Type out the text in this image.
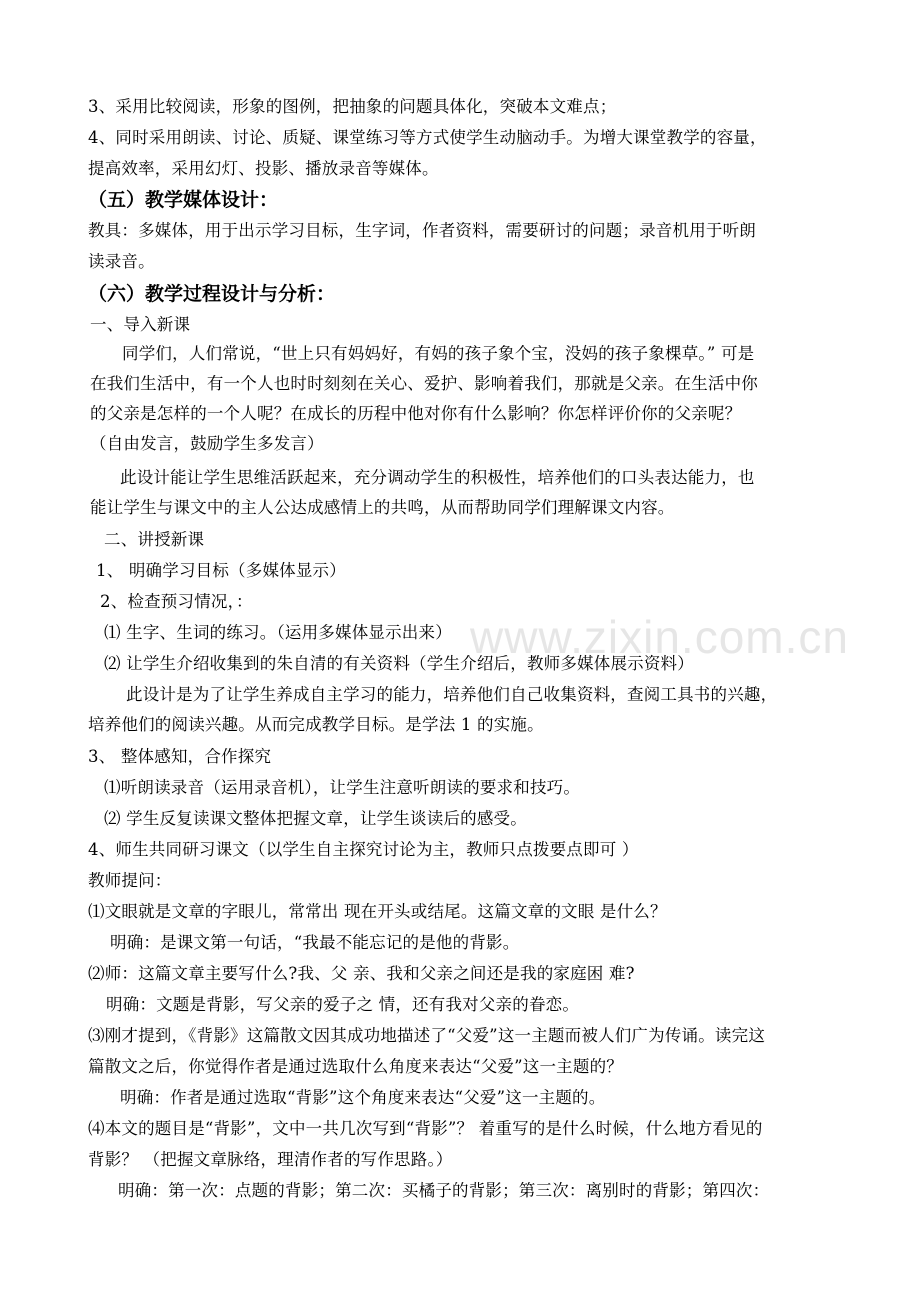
www.zixin.com.cn
3、采用比较阅读，形象的图例，把抽象的问题具体化，突破本文难点；
4、同时采用朗读、讨论、质疑、课堂练习等方式使学生动脑动手。为增大课堂教学的容量，
提高效率，采用幻灯、投影、播放录音等媒体。
（五）教学媒体设计：
教具：多媒体，用于出示学习目标，生字词，作者资料，需要研讨的问题；录音机用于听朗
读录音。
（六）教学过程设计与分析：
一、导入新课
同学们，人们常说，“世上只有妈妈好，有妈的孩子象个宝，没妈的孩子象棵草。” 可是
在我们生活中，有一个人也时时刻刻在关心、爱护、影响着我们，那就是父亲。在生活中你
的父亲是怎样的一个人呢？在成长的历程中他对你有什么影响？你怎样评价你的父亲呢？
（自由发言，鼓励学生多发言）
此设计能让学生思维活跃起来，充分调动学生的积极性，培养他们的口头表达能力，也
能让学生与课文中的主人公达成感情上的共鸣，从而帮助同学们理解课文内容。
二、讲授新课
1、 明确学习目标（多媒体显示）
2、检查预习情况，：
⑴ 生字、生词的练习。（运用多媒体显示出来）
⑵ 让学生介绍收集到的朱自清的有关资料（学生介绍后，教师多媒体展示资料）
此设计是为了让学生养成自主学习的能力，培养他们自己收集资料，查阅工具书的兴趣，
培养他们的阅读兴趣。从而完成教学目标。是学法 1 的实施。
3、 整体感知，合作探究
⑴听朗读录音（运用录音机），让学生注意听朗读的要求和技巧。
⑵ 学生反复读课文整体把握文章，让学生谈读后的感受。
4、师生共同研习课文（以学生自主探究讨论为主，教师只点拨要点即可 ）
教师提问：
⑴文眼就是文章的字眼儿，常常出 现在开头或结尾。这篇文章的文眼 是什么？
明确：是课文第一句话，“我最不能忘记的是他的背影。
⑵师：这篇文章主要写什么?我、父 亲、我和父亲之间还是我的家庭困 难?
明确：文题是背影，写父亲的爱子之 情，还有我对父亲的眷恋。
⑶刚才提到，《背影》这篇散文因其成功地描述了“父爱”这一主题而被人们广为传诵。读完这
篇散文之后，你觉得作者是通过选取什么角度来表达“父爱”这一主题的？
明确：作者是通过选取“背影”这个角度来表达“父爱”这一主题的。
⑷本文的题目是“背影”，文中一共几次写到“背影”？ 着重写的是什么时候，什么地方看见的
背影？ （把握文章脉络，理清作者的写作思路。）
明确：第一次：点题的背影；第二次：买橘子的背影；第三次：离别时的背影；第四次：
